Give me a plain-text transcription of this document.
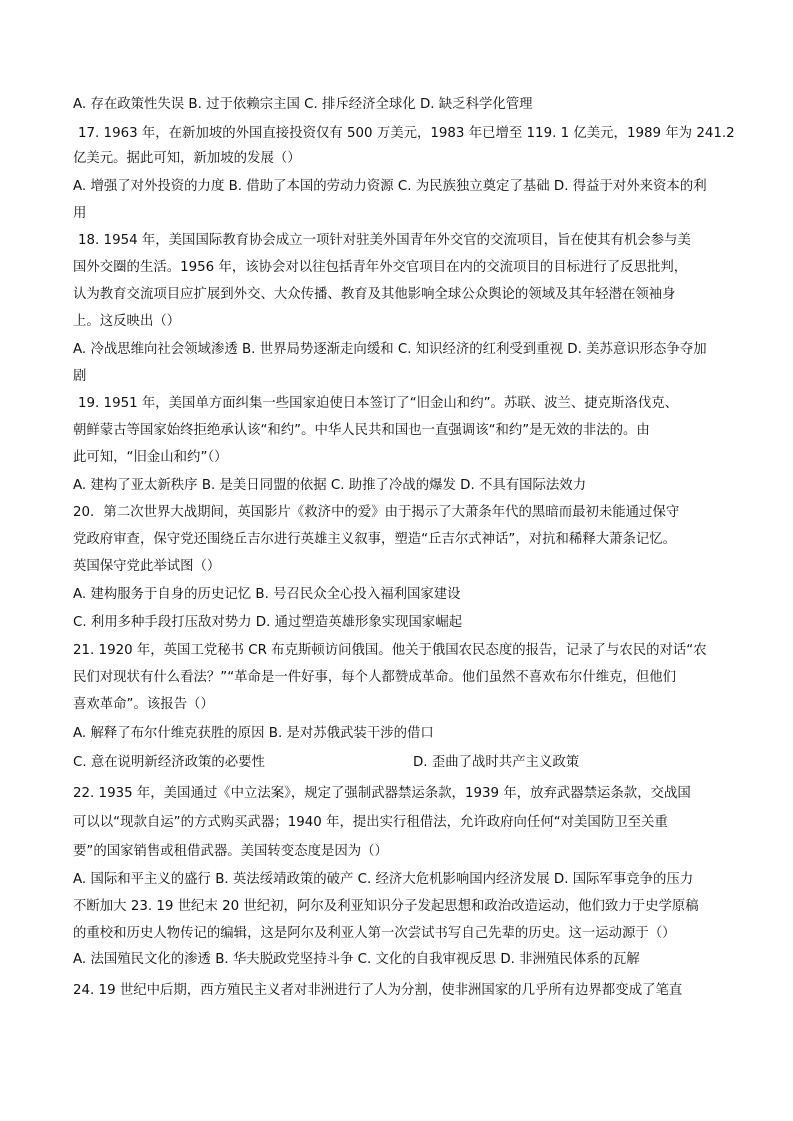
A. 存在政策性失误 B. 过于依赖宗主国 C. 排斥经济全球化 D. 缺乏科学化管理
17. 1963 年，在新加坡的外国直接投资仅有 500 万美元，1983 年已增至 119. 1 亿美元，1989 年为 241.2
亿美元。据此可知，新加坡的发展（）
A. 增强了对外投资的力度 B. 借助了本国的劳动力资源 C. 为民族独立奠定了基础 D. 得益于对外来资本的利
用
18. 1954 年，美国国际教育协会成立一项针对驻美外国青年外交官的交流项目，旨在使其有机会参与美
国外交圈的生活。1956 年，该协会对以往包括青年外交官项目在内的交流项目的目标进行了反思批判，
认为教育交流项目应扩展到外交、大众传播、教育及其他影响全球公众舆论的领域及其年轻潜在领袖身
上。这反映出（）
A. 冷战思维向社会领域渗透 B. 世界局势逐渐走向缓和 C. 知识经济的红利受到重视 D. 美苏意识形态争夺加
剧
19. 1951 年，美国单方面纠集一些国家迫使日本签订了“旧金山和约”。苏联、波兰、捷克斯洛伐克、
朝鲜蒙古等国家始终拒绝承认该“和约”。中华人民共和国也一直强调该“和约”是无效的非法的。由
此可知，“旧金山和约”（）
A. 建构了亚太新秩序 B. 是美日同盟的依据 C. 助推了冷战的爆发 D. 不具有国际法效力
20．第二次世界大战期间，英国影片《救济中的爱》由于揭示了大萧条年代的黑暗而最初未能通过保守
党政府审查，保守党还围绕丘吉尔进行英雄主义叙事，塑造“丘吉尔式神话”，对抗和稀释大萧条记忆。
英国保守党此举试图（）
A. 建构服务于自身的历史记忆 B. 号召民众全心投入福利国家建设
C. 利用多种手段打压敌对势力 D. 通过塑造英雄形象实现国家崛起
21. 1920 年，英国工党秘书 CR 布克斯顿访问俄国。他关于俄国农民态度的报告，记录了与农民的对话“农
民们对现状有什么看法？”“革命是一件好事，每个人都赞成革命。他们虽然不喜欢布尔什维克，但他们
喜欢革命”。该报告（）
A. 解释了布尔什维克获胜的原因 B. 是对苏俄武装干涉的借口
C. 意在说明新经济政策的必要性	D. 歪曲了战时共产主义政策
22. 1935 年，美国通过《中立法案》，规定了强制武器禁运条款，1939 年，放弃武器禁运条款，交战国
可以以“现款自运”的方式购买武器；1940 年，提出实行租借法，允许政府向任何“对美国防卫至关重
要”的国家销售或租借武器。美国转变态度是因为（）
A. 国际和平主义的盛行 B. 英法绥靖政策的破产 C. 经济大危机影响国内经济发展 D. 国际军事竞争的压力
不断加大 23. 19 世纪末 20 世纪初，阿尔及利亚知识分子发起思想和政治改造运动，他们致力于史学原稿
的重校和历史人物传记的编辑，这是阿尔及利亚人第一次尝试书写自己先辈的历史。这一运动源于（）
A. 法国殖民文化的渗透 B. 华夫脱政党坚持斗争 C. 文化的自我审视反思 D. 非洲殖民体系的瓦解
24. 19 世纪中后期，西方殖民主义者对非洲进行了人为分割，使非洲国家的几乎所有边界都变成了笔直
